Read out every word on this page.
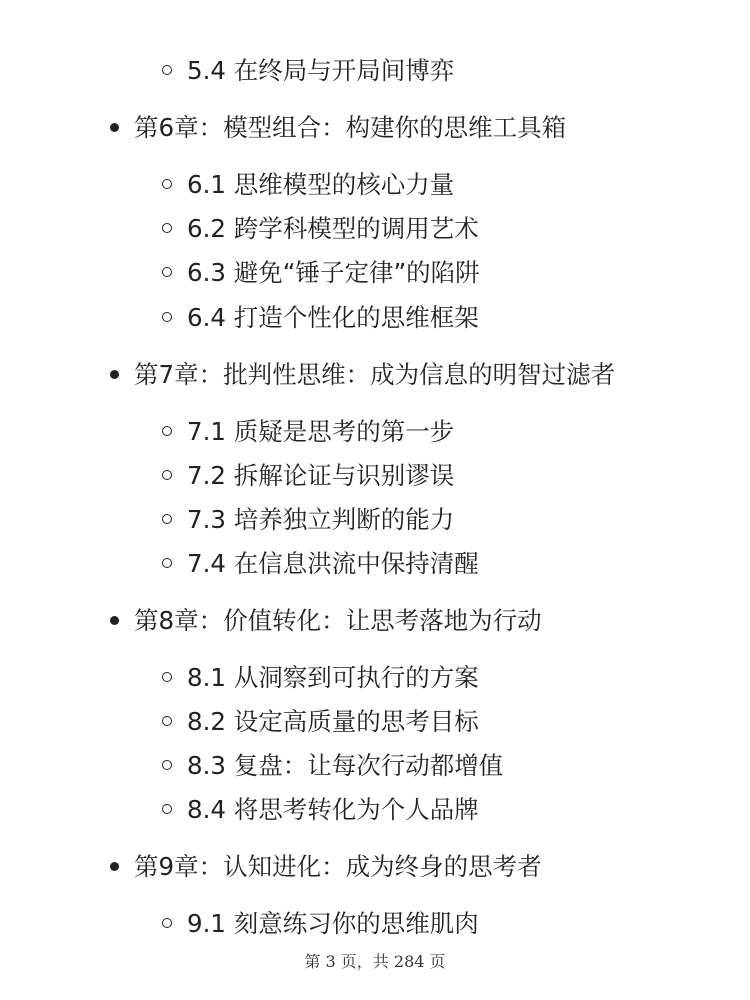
5.4 在终局与开局间博弈
第6章：模型组合：构建你的思维工具箱
6.1 思维模型的核心力量
6.2 跨学科模型的调用艺术
6.3 避免“锤子定律”的陷阱
6.4 打造个性化的思维框架
第7章：批判性思维：成为信息的明智过滤者
7.1 质疑是思考的第一步
7.2 拆解论证与识别谬误
7.3 培养独立判断的能力
7.4 在信息洪流中保持清醒
第8章：价值转化：让思考落地为行动
8.1 从洞察到可执行的方案
8.2 设定高质量的思考目标
8.3 复盘：让每次行动都增值
8.4 将思考转化为个人品牌
第9章：认知进化：成为终身的思考者
9.1 刻意练习你的思维肌肉
第 3 页，共 284 页
